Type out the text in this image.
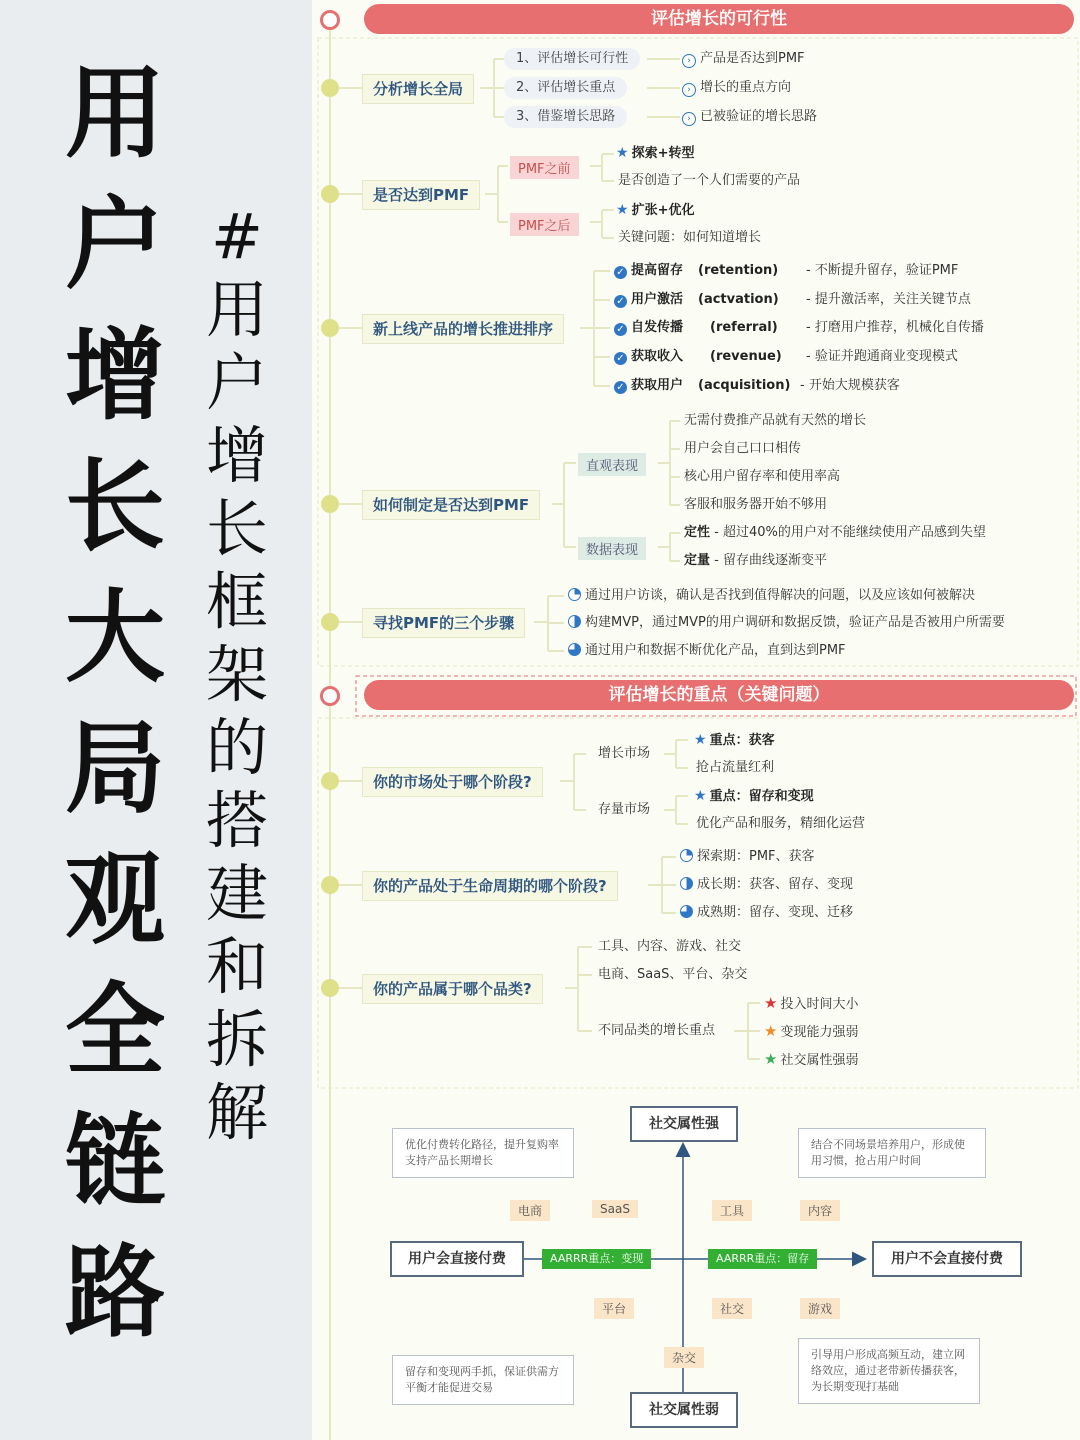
用
户
增
长
大
局
观
全
链
路
#
用
户
增
长
框
架
的
搭
建
和
拆
解
评估增长的可行性
分析增长全局
1、评估增长可行性
2、评估增长重点
3、借鉴增长思路
› 产品是否达到PMF
› 增长的重点方向
› 已被验证的增长思路
是否达到PMF
PMF之前
PMF之后
★ 探索+转型
是否创造了一个人们需要的产品
★ 扩张+优化
关键问题：如何知道增长
新上线产品的增长推进排序
✓ 提高留存 (retention) - 不断提升留存，验证PMF
✓ 用户激活 (actvation) - 提升激活率，关注关键节点
✓ 自发传播 (referral) - 打磨用户推荐，机械化自传播
✓ 获取收入 (revenue) - 验证并跑通商业变现模式
✓ 获取用户 (acquisition) - 开始大规模获客
如何制定是否达到PMF
直观表现
数据表现
无需付费推产品就有天然的增长
用户会自己口口相传
核心用户留存率和使用率高
客服和服务器开始不够用
定性 - 超过40%的用户对不能继续使用产品感到失望
定量 - 留存曲线逐渐变平
寻找PMF的三个步骤
通过用户访谈，确认是否找到值得解决的问题，以及应该如何被解决
构建MVP，通过MVP的用户调研和数据反馈，验证产品是否被用户所需要
通过用户和数据不断优化产品，直到达到PMF
评估增长的重点（关键问题）
你的市场处于哪个阶段?
增长市场
存量市场
★ 重点：获客
抢占流量红利
★ 重点：留存和变现
优化产品和服务，精细化运营
你的产品处于生命周期的哪个阶段?
探索期：PMF、获客
成长期：获客、留存、变现
成熟期：留存、变现、迁移
你的产品属于哪个品类?
工具、内容、游戏、社交
电商、SaaS、平台、杂交
不同品类的增长重点
★ 投入时间大小
★ 变现能力强弱
★ 社交属性强弱
社交属性强
社交属性弱
用户会直接付费	用户不会直接付费
AARRR重点：变现	AARRR重点：留存
优化付费转化路径，提升复购率支持产品长期增长
结合不同场景培养用户，形成使用习惯，抢占用户时间
留存和变现两手抓，保证供需方平衡才能促进交易
引导用户形成高频互动，建立网络效应，通过老带新传播获客，为长期变现打基础
电商	SaaS	工具	内容
平台	社交	游戏
杂交
